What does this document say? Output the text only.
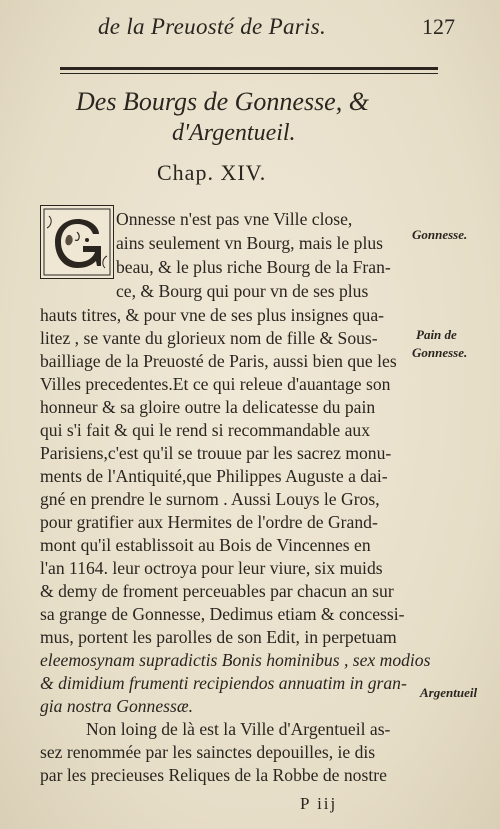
de la Preuosté de Paris.	127
Des Bourgs de Gonnesse, &
d'Argentueil.
Chap. XIV.
Onnesse n'est pas vne Ville close,
ains seulement vn Bourg, mais le plus
beau, & le plus riche Bourg de la Fran-
ce, & Bourg qui pour vn de ses plus
hauts titres, & pour vne de ses plus insignes qua-
litez , se vante du glorieux nom de fille & Sous-
bailliage de la Preuosté de Paris, aussi bien que les
Villes precedentes.Et ce qui releue d'auantage son
honneur & sa gloire outre la delicatesse du pain
qui s'i fait & qui le rend si recommandable aux
Parisiens,c'est qu'il se trouue par les sacrez monu-
ments de l'Antiquité,que Philippes Auguste a dai-
gné en prendre le surnom . Aussi Louys le Gros,
pour gratifier aux Hermites de l'ordre de Grand-
mont qu'il establissoit au Bois de Vincennes en
l'an 1164. leur octroya pour leur viure, six muids
& demy de froment perceuables par chacun an sur
sa grange de Gonnesse, Dedimus etiam & concessi-
mus, portent les parolles de son Edit, in perpetuam
eleemosynam supradictis Bonis hominibus , sex modios
& dimidium frumenti recipiendos annuatim in gran-
gia nostra Gonnessæ.
Non loing de là est la Ville d'Argentueil as-
sez renommée par les sainctes depouilles, ie dis
par les precieuses Reliques de la Robbe de nostre
Gonnesse.
Pain de
Gonnesse.
Argentueil
P iij
